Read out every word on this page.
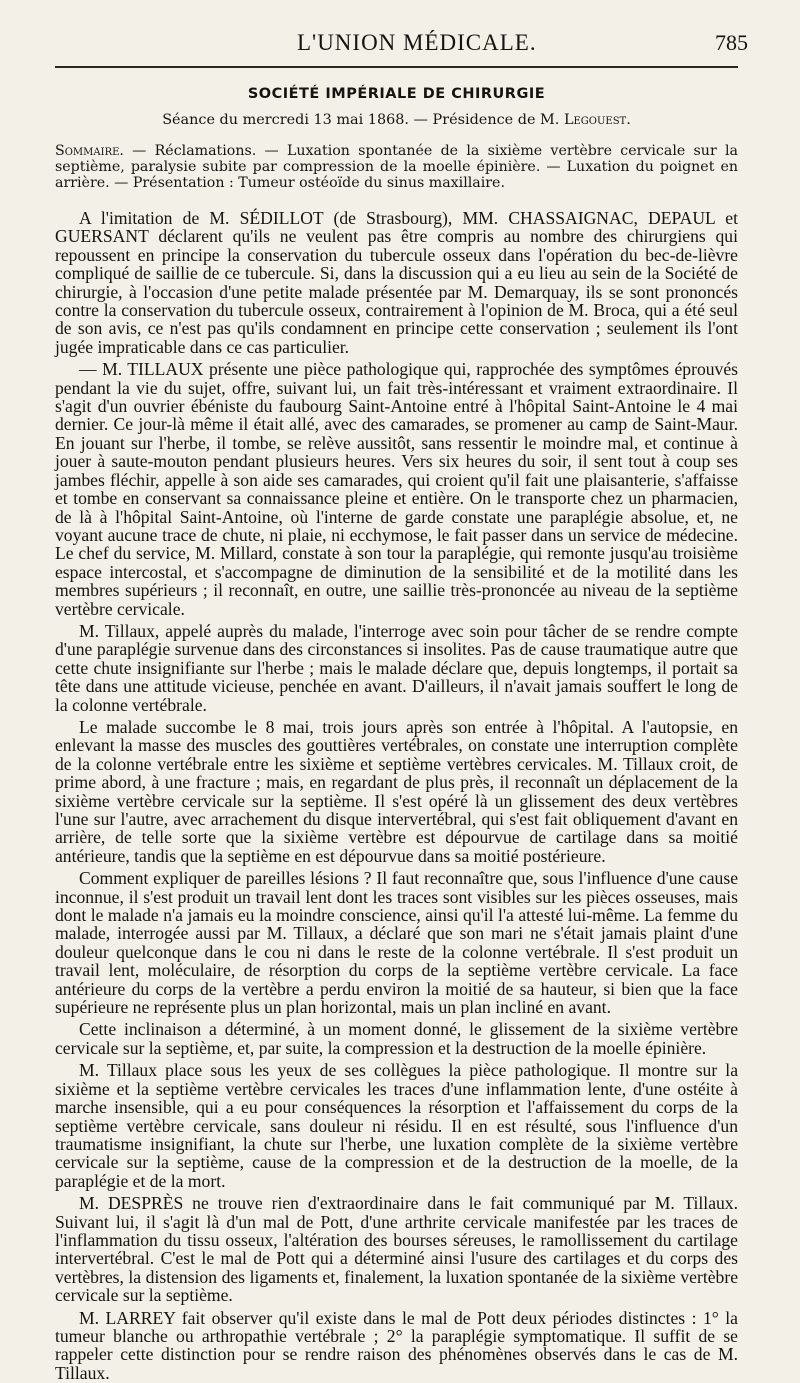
L'UNION MÉDICALE.	785
SOCIÉTÉ IMPÉRIALE DE CHIRURGIE
Séance du mercredi 13 mai 1868. — Présidence de M. Legouest.
Sommaire. — Réclamations. — Luxation spontanée de la sixième vertèbre cervicale sur la septième, paralysie subite par compression de la moelle épinière. — Luxation du poignet en arrière. — Présentation : Tumeur ostéoïde du sinus maxillaire.

A l'imitation de M. SÉDILLOT (de Strasbourg), MM. CHASSAIGNAC, DEPAUL et GUERSANT déclarent qu'ils ne veulent pas être compris au nombre des chirurgiens qui repoussent en principe la conservation du tubercule osseux dans l'opération du bec-de-lièvre compliqué de saillie de ce tubercule. Si, dans la discussion qui a eu lieu au sein de la Société de chirurgie, à l'occasion d'une petite malade présentée par M. Demarquay, ils se sont prononcés contre la conservation du tubercule osseux, contrairement à l'opinion de M. Broca, qui a été seul de son avis, ce n'est pas qu'ils condamnent en principe cette conservation ; seulement ils l'ont jugée impraticable dans ce cas particulier.

— M. TILLAUX présente une pièce pathologique qui, rapprochée des symptômes éprouvés pendant la vie du sujet, offre, suivant lui, un fait très-intéressant et vraiment extraordinaire. Il s'agit d'un ouvrier ébéniste du faubourg Saint-Antoine entré à l'hôpital Saint-Antoine le 4 mai dernier. Ce jour-là même il était allé, avec des camarades, se promener au camp de Saint-Maur. En jouant sur l'herbe, il tombe, se relève aussitôt, sans ressentir le moindre mal, et continue à jouer à saute-mouton pendant plusieurs heures. Vers six heures du soir, il sent tout à coup ses jambes fléchir, appelle à son aide ses camarades, qui croient qu'il fait une plaisanterie, s'affaisse et tombe en conservant sa connaissance pleine et entière. On le transporte chez un pharmacien, de là à l'hôpital Saint-Antoine, où l'interne de garde constate une paraplégie absolue, et, ne voyant aucune trace de chute, ni plaie, ni ecchymose, le fait passer dans un service de médecine. Le chef du service, M. Millard, constate à son tour la paraplégie, qui remonte jusqu'au troisième espace intercostal, et s'accompagne de diminution de la sensibilité et de la motilité dans les membres supérieurs ; il reconnaît, en outre, une saillie très-prononcée au niveau de la septième vertèbre cervicale.

M. Tillaux, appelé auprès du malade, l'interroge avec soin pour tâcher de se rendre compte d'une paraplégie survenue dans des circonstances si insolites. Pas de cause traumatique autre que cette chute insignifiante sur l'herbe ; mais le malade déclare que, depuis longtemps, il portait sa tête dans une attitude vicieuse, penchée en avant. D'ailleurs, il n'avait jamais souffert le long de la colonne vertébrale.

Le malade succombe le 8 mai, trois jours après son entrée à l'hôpital. A l'autopsie, en enlevant la masse des muscles des gouttières vertébrales, on constate une interruption complète de la colonne vertébrale entre les sixième et septième vertèbres cervicales. M. Tillaux croit, de prime abord, à une fracture ; mais, en regardant de plus près, il reconnaît un déplacement de la sixième vertèbre cervicale sur la septième. Il s'est opéré là un glissement des deux vertèbres l'une sur l'autre, avec arrachement du disque intervertébral, qui s'est fait obliquement d'avant en arrière, de telle sorte que la sixième vertèbre est dépourvue de cartilage dans sa moitié antérieure, tandis que la septième en est dépourvue dans sa moitié postérieure.

Comment expliquer de pareilles lésions ? Il faut reconnaître que, sous l'influence d'une cause inconnue, il s'est produit un travail lent dont les traces sont visibles sur les pièces osseuses, mais dont le malade n'a jamais eu la moindre conscience, ainsi qu'il l'a attesté lui-même. La femme du malade, interrogée aussi par M. Tillaux, a déclaré que son mari ne s'était jamais plaint d'une douleur quelconque dans le cou ni dans le reste de la colonne vertébrale. Il s'est produit un travail lent, moléculaire, de résorption du corps de la septième vertèbre cervicale. La face antérieure du corps de la vertèbre a perdu environ la moitié de sa hauteur, si bien que la face supérieure ne représente plus un plan horizontal, mais un plan incliné en avant.

Cette inclinaison a déterminé, à un moment donné, le glissement de la sixième vertèbre cervicale sur la septième, et, par suite, la compression et la destruction de la moelle épinière.

M. Tillaux place sous les yeux de ses collègues la pièce pathologique. Il montre sur la sixième et la septième vertèbre cervicales les traces d'une inflammation lente, d'une ostéite à marche insensible, qui a eu pour conséquences la résorption et l'affaissement du corps de la septième vertèbre cervicale, sans douleur ni résidu. Il en est résulté, sous l'influence d'un traumatisme insignifiant, la chute sur l'herbe, une luxation complète de la sixième vertèbre cervicale sur la septième, cause de la compression et de la destruction de la moelle, de la paraplégie et de la mort.

M. DESPRÈS ne trouve rien d'extraordinaire dans le fait communiqué par M. Tillaux. Suivant lui, il s'agit là d'un mal de Pott, d'une arthrite cervicale manifestée par les traces de l'inflammation du tissu osseux, l'altération des bourses séreuses, le ramollissement du cartilage intervertébral. C'est le mal de Pott qui a déterminé ainsi l'usure des cartilages et du corps des vertèbres, la distension des ligaments et, finalement, la luxation spontanée de la sixième vertèbre cervicale sur la septième.

M. LARREY fait observer qu'il existe dans le mal de Pott deux périodes distinctes : 1° la tumeur blanche ou arthropathie vertébrale ; 2° la paraplégie symptomatique. Il suffit de se rappeler cette distinction pour se rendre raison des phénomènes observés dans le cas de M. Tillaux.
